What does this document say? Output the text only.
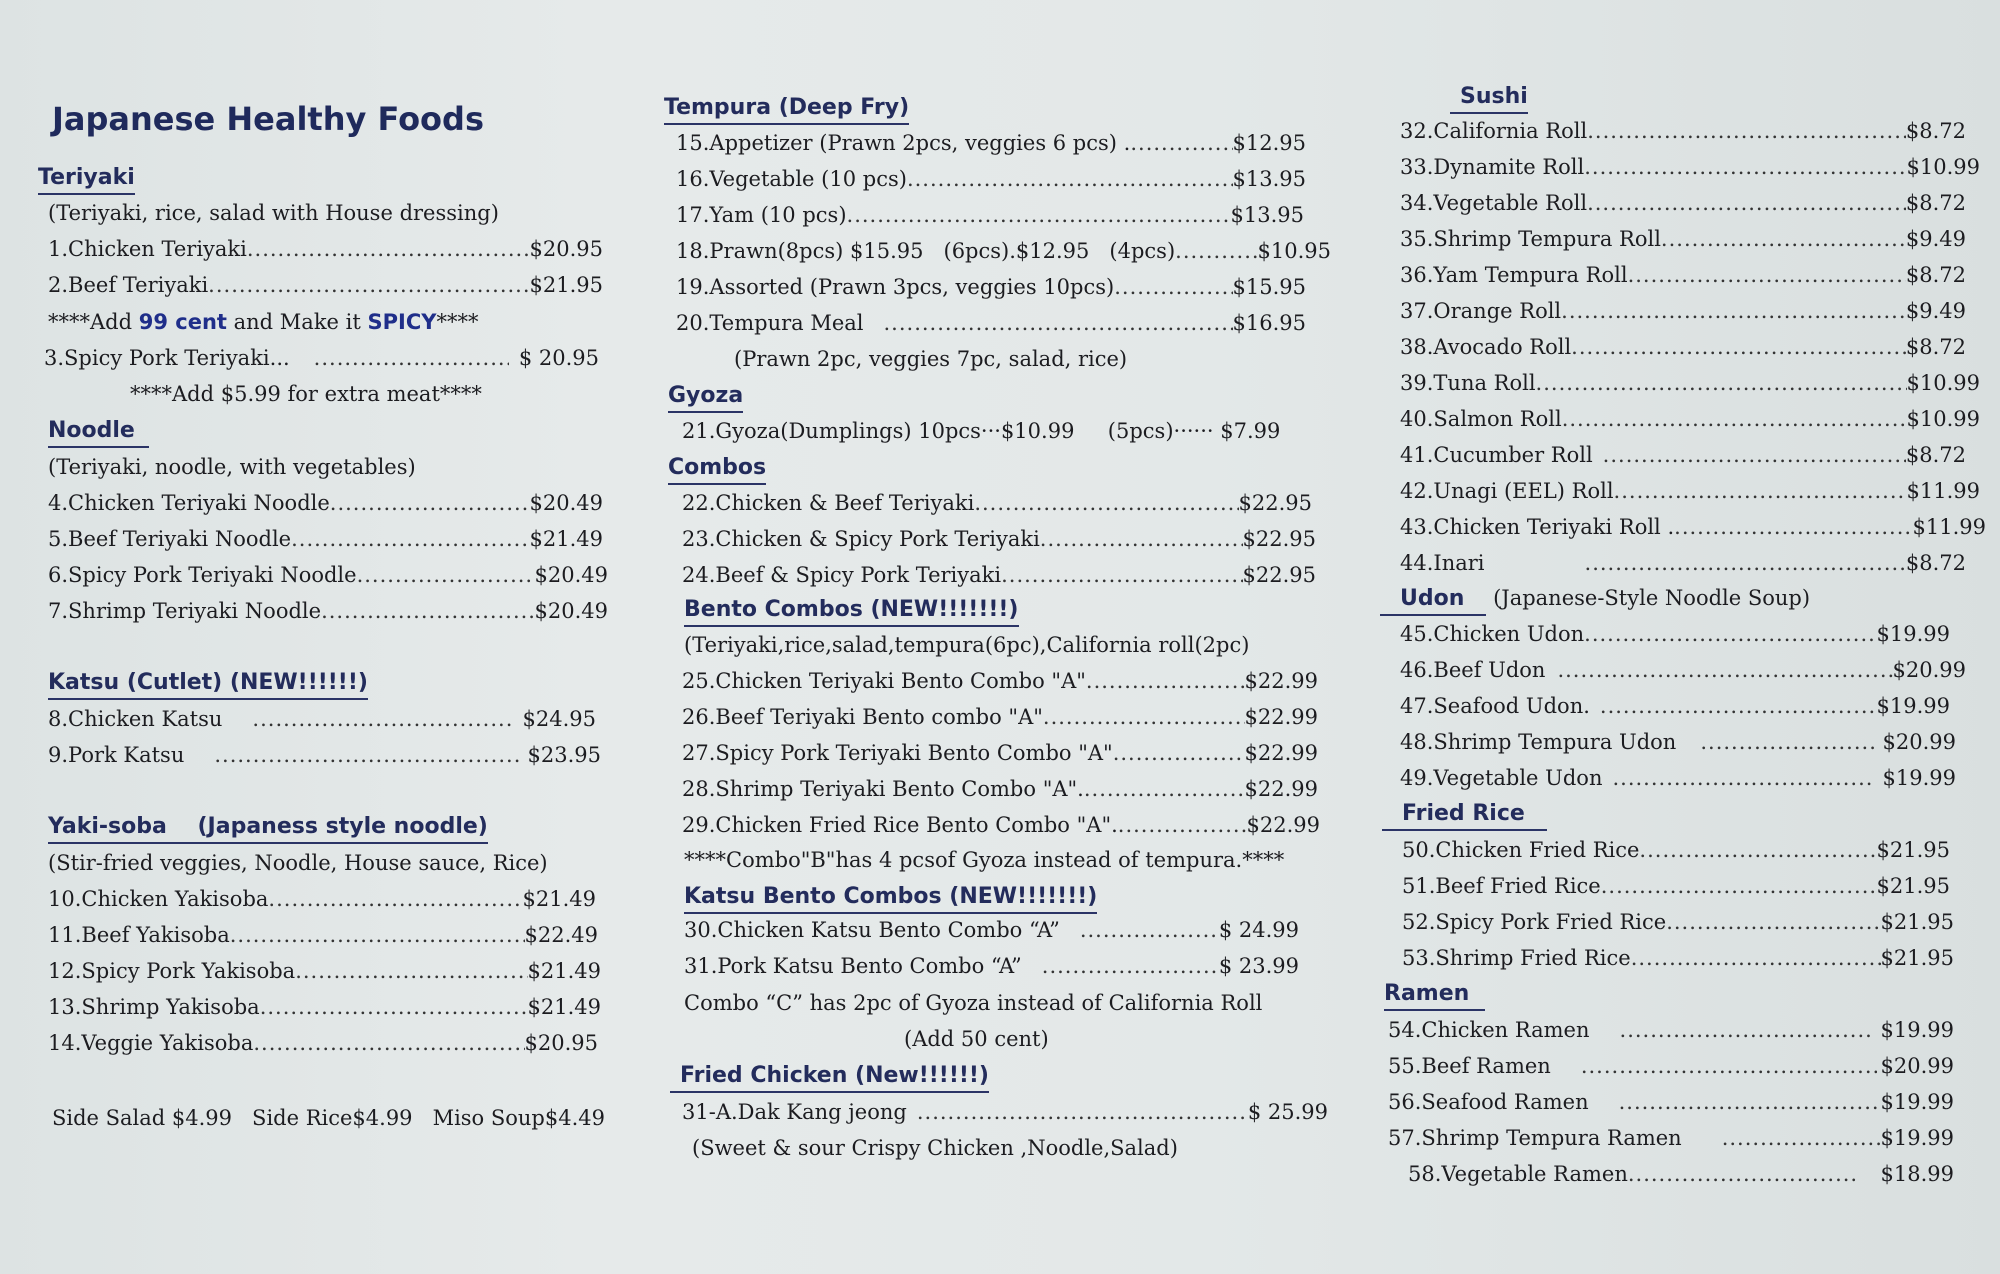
Japanese Healthy Foods
Teriyaki
(Teriyaki, rice, salad with House dressing)
1. Chicken Teriyaki .....	$20.95
2. Beef Teriyaki .....	$21.95
****Add 99 cent and Make it SPICY****
3. Spicy Pork Teriyaki... .....	$ 20.95
****Add $5.99 for extra meat****
Noodle
(Teriyaki, noodle, with vegetables)
4. Chicken Teriyaki Noodle .....	$20.49
5. Beef Teriyaki Noodle .....	$21.49
6. Spicy Pork Teriyaki Noodle .....	$20.49
7. Shrimp Teriyaki Noodle .....	$20.49
Katsu (Cutlet) (NEW!!!!!!)
8. Chicken Katsu .....	$24.95
9. Pork Katsu .....	$23.95
Yaki-soba    (Japaness style noodle)
(Stir-fried veggies, Noodle, House sauce, Rice)
10. Chicken Yakisoba .....	$21.49
11. Beef Yakisoba .....	$22.49
12. Spicy Pork Yakisoba .....	$21.49
13. Shrimp Yakisoba .....	$21.49
14. Veggie Yakisoba .....	$20.95
Side Salad $4.99   Side Rice$4.99   Miso Soup$4.49
Tempura (Deep Fry)
15. Appetizer (Prawn 2pcs, veggies 6 pcs) . .....	$12.95
16. Vegetable (10 pcs) .....	$13.95
17. Yam (10 pcs) .....	$13.95
18. Prawn(8pcs) $15.95   (6pcs).$12.95   (4pcs) .....	$10.95
19. Assorted (Prawn 3pcs, veggies 10pcs) .....	$15.95
20. Tempura Meal .....	$16.95
(Prawn 2pc, veggies 7pc, salad, rice)
Gyoza
21.Gyoza(Dumplings) 10pcs···$10.99     (5pcs)······ $7.99
Combos
22. Chicken & Beef Teriyaki .....	$22.95
23. Chicken & Spicy Pork Teriyaki .....	$22.95
24. Beef & Spicy Pork Teriyaki .....	$22.95
Bento Combos (NEW!!!!!!!)
(Teriyaki,rice,salad,tempura(6pc),California roll(2pc)
25. Chicken Teriyaki Bento Combo "A" .....	$22.99
26. Beef Teriyaki Bento combo "A" .....	$22.99
27. Spicy Pork Teriyaki Bento Combo "A" .....	$22.99
28. Shrimp Teriyaki Bento Combo "A". .....	$22.99
29. Chicken Fried Rice Bento Combo "A". .....	$22.99
****Combo"B"has 4 pcsof Gyoza instead of tempura.****
Katsu Bento Combos (NEW!!!!!!!)
30. Chicken Katsu Bento Combo “A” .....	$ 24.99
31. Pork Katsu Bento Combo “A” .....	$ 23.99
Combo “C” has 2pc of Gyoza instead of California Roll
(Add 50 cent)
Fried Chicken (New!!!!!!)
31-A. Dak Kang jeong .....	$ 25.99
(Sweet & sour Crispy Chicken ,Noodle,Salad)
Sushi
32. California Roll .....	$8.72
33. Dynamite Roll .....	$10.99
34. Vegetable Roll .....	$8.72
35. Shrimp Tempura Roll .....	$9.49
36. Yam Tempura Roll .....	$8.72
37. Orange Roll .....	$9.49
38. Avocado Roll .....	$8.72
39. Tuna Roll .....	$10.99
40. Salmon Roll .....	$10.99
41. Cucumber Roll .....	$8.72
42. Unagi (EEL) Roll .....	$11.99
43. Chicken Teriyaki Roll . .....	$11.99
44. Inari .....	$8.72
Udon (Japanese-Style Noodle Soup)
45. Chicken Udon .....	$19.99
46. Beef Udon .....	$20.99
47. Seafood Udon. .....	$19.99
48. Shrimp Tempura Udon .....	$20.99
49. Vegetable Udon .....	$19.99
Fried Rice
50. Chicken Fried Rice .....	$21.95
51. Beef Fried Rice .....	$21.95
52. Spicy Pork Fried Rice .....	$21.95
53. Shrimp Fried Rice .....	$21.95
Ramen
54. Chicken Ramen .....	$19.99
55. Beef Ramen .....	$20.99
56. Seafood Ramen .....	$19.99
57. Shrimp Tempura Ramen .....	$19.99
58. Vegetable Ramen .....	$18.99
